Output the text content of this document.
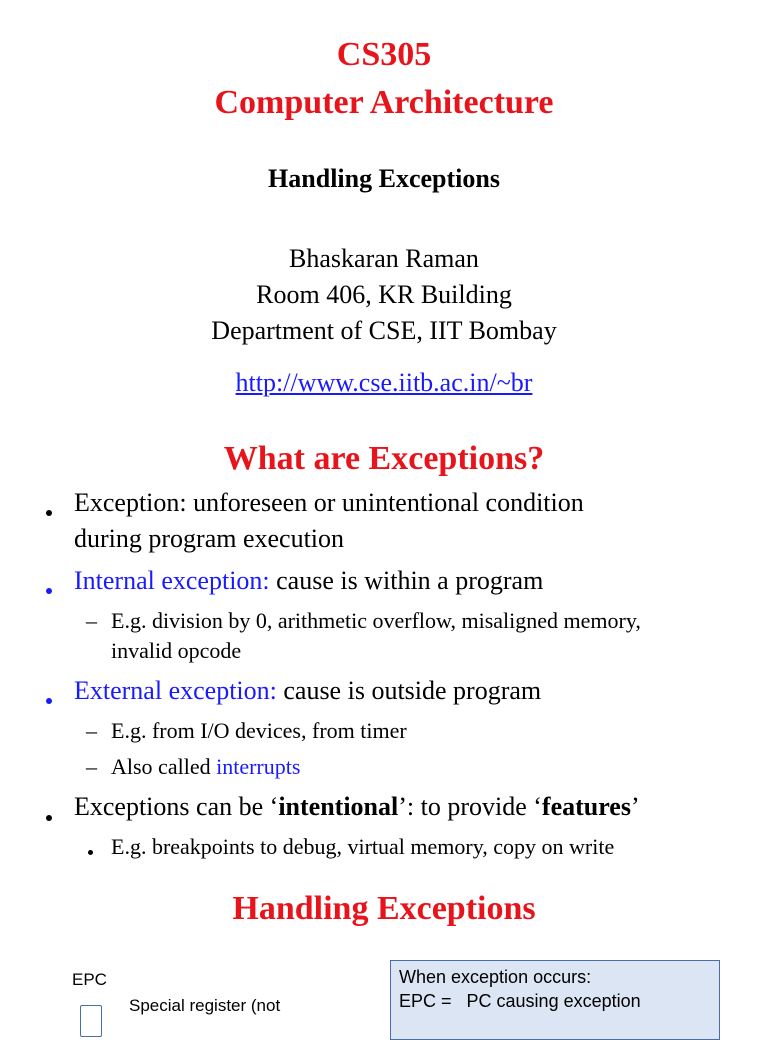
CS305
Computer Architecture
Handling Exceptions
Bhaskaran Raman
Room 406, KR Building
Department of CSE, IIT Bombay
http://www.cse.iitb.ac.in/~br
What are Exceptions?
Exception: unforeseen or unintentional condition
during program execution
Internal exception: cause is within a program
– E.g. division by 0, arithmetic overflow, misaligned memory,
invalid opcode
External exception: cause is outside program
– E.g. from I/O devices, from timer
– Also called interrupts
Exceptions can be ‘intentional’: to provide ‘features’
E.g. breakpoints to debug, virtual memory, copy on write
Handling Exceptions
EPC
Special register (not
When exception occurs:
EPC =   PC causing exception
